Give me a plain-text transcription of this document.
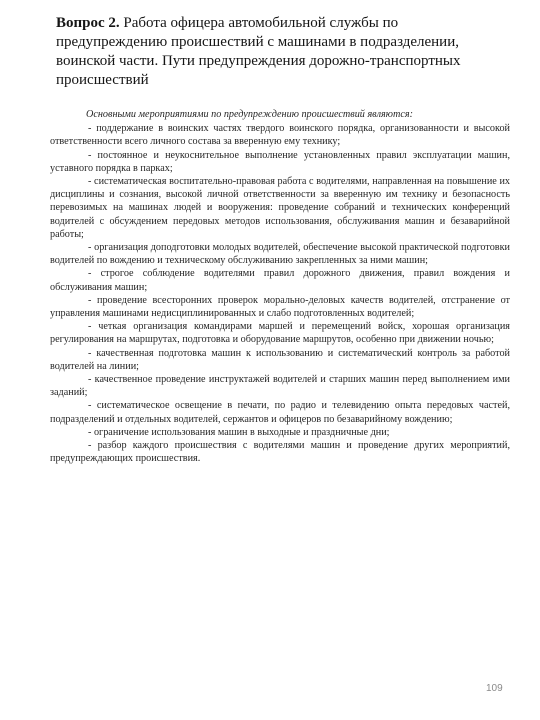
Вопрос 2. Работа офицера автомобильной службы по предупреждению происшествий с машинами в подразделении, воинской части. Пути предупреждения дорожно-транспортных происшествий

Основными мероприятиями по предупреждению происшествий являются:

- поддержание в воинских частях твердого воинского порядка, организованности и высокой ответственности всего личного состава за вверенную ему технику;

- постоянное и неукоснительное выполнение установленных правил эксплуатации машин, уставного порядка в парках;

- систематическая воспитательно-правовая работа с водителями, направленная на повышение их дисциплины и сознания, высокой личной ответственности за вверенную им технику и безопасность перевозимых на машинах людей и вооружения: проведение собраний и технических конференций водителей с обсуждением передовых методов использования, обслуживания машин и безаварийной работы;

- организация доподготовки молодых водителей, обеспечение высокой практической подготовки водителей по вождению и техническому обслуживанию закрепленных за ними машин;

- строгое соблюдение водителями правил дорожного движения, правил вождения и обслуживания машин;

- проведение всесторонних проверок морально-деловых качеств водителей, отстранение от управления машинами недисциплинированных и слабо подготовленных водителей;

- четкая организация командирами маршей и перемещений войск, хорошая организация регулирования на маршрутах, подготовка и оборудование маршрутов, особенно при движении ночью;

- качественная подготовка машин к использованию и систематический контроль за работой водителей на линии;

- качественное проведение инструктажей водителей и старших машин перед выполнением ими заданий;

- систематическое освещение в печати, по радио и телевидению опыта передовых частей, подразделений и отдельных водителей, сержантов и офицеров по безаварийному вождению;

- ограничение использования машин в выходные и праздничные дни;

- разбор каждого происшествия с водителями машин и проведение других мероприятий, предупреждающих происшествия.

109
